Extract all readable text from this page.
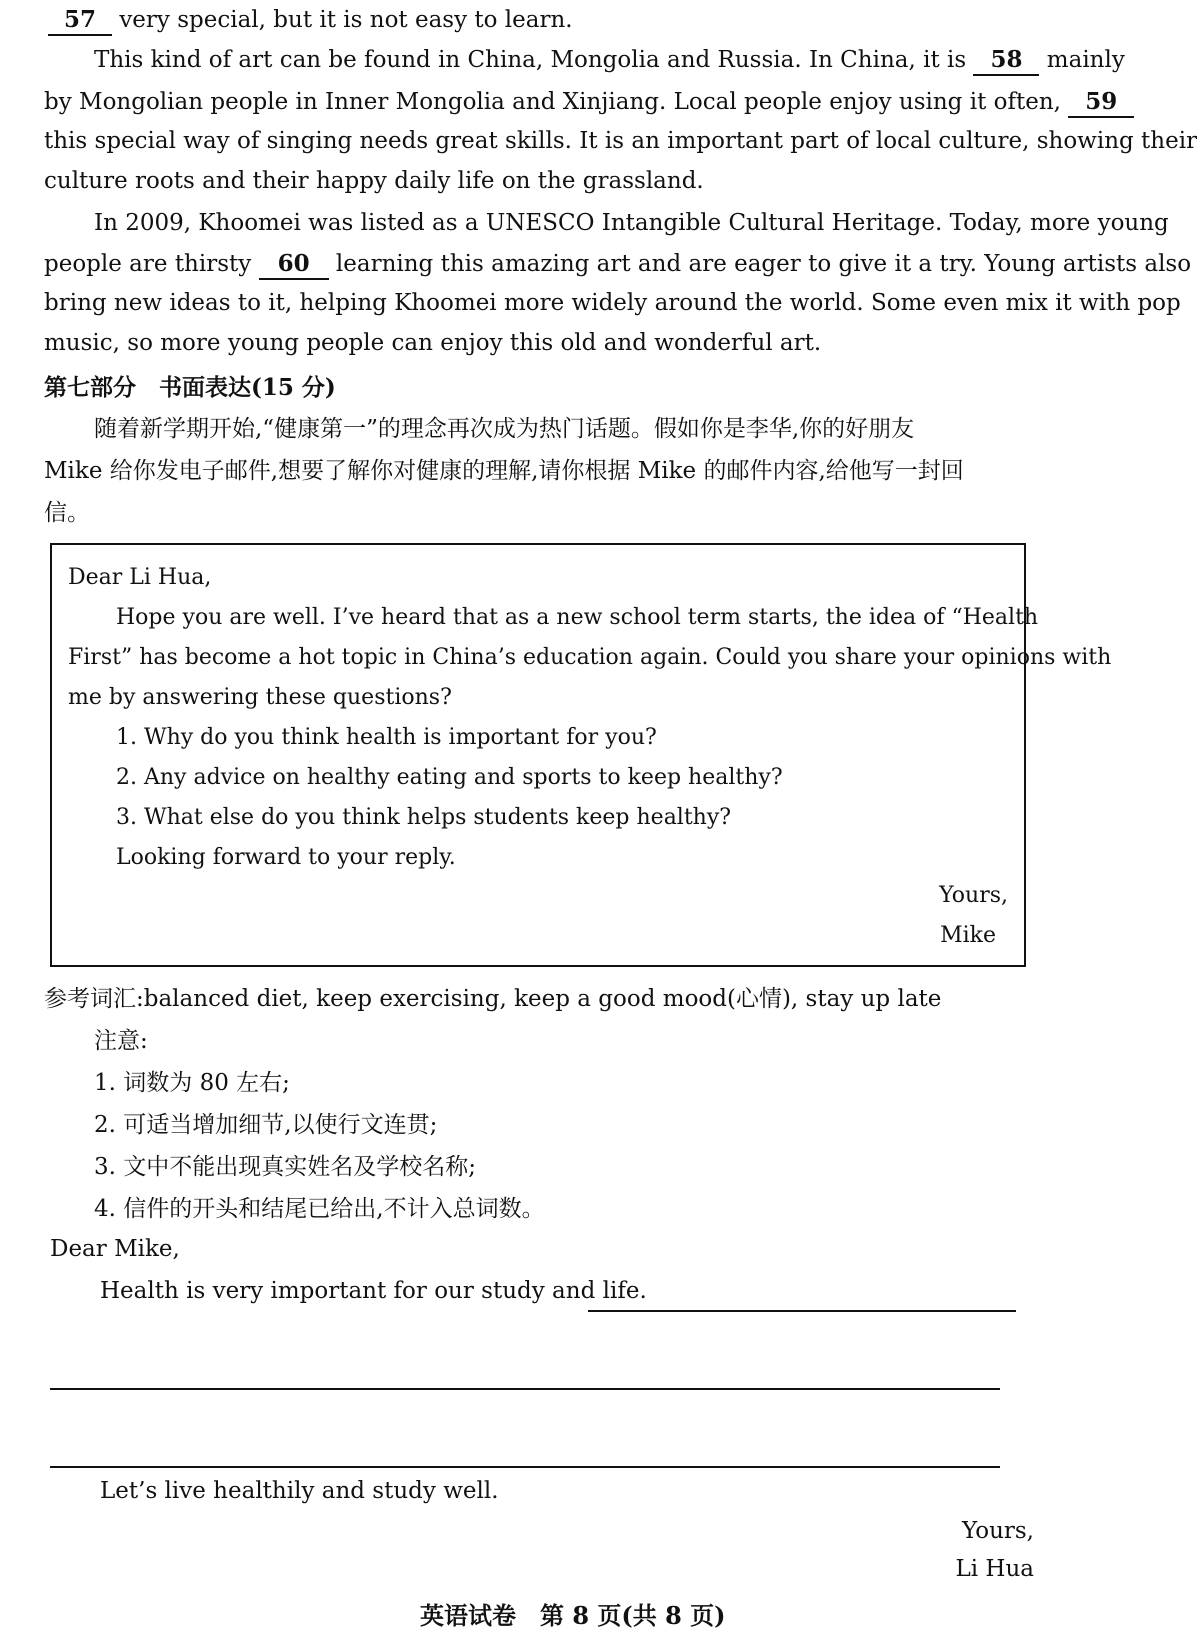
57 very special, but it is not easy to learn.
This kind of art can be found in China, Mongolia and Russia. In China, it is 58 mainly
by Mongolian people in Inner Mongolia and Xinjiang. Local people enjoy using it often, 59
this special way of singing needs great skills. It is an important part of local culture, showing their
culture roots and their happy daily life on the grassland.
In 2009, Khoomei was listed as a UNESCO Intangible Cultural Heritage. Today, more young
people are thirsty 60 learning this amazing art and are eager to give it a try. Young artists also
bring new ideas to it, helping Khoomei more widely around the world. Some even mix it with pop
music, so more young people can enjoy this old and wonderful art.
第七部分　书面表达(15 分)
随着新学期开始,“健康第一”的理念再次成为热门话题。假如你是李华,你的好朋友
Mike 给你发电子邮件,想要了解你对健康的理解,请你根据 Mike 的邮件内容,给他写一封回
信。
Dear Li Hua,
Hope you are well. I’ve heard that as a new school term starts, the idea of “Health
First” has become a hot topic in China’s education again. Could you share your opinions with
me by answering these questions?
1. Why do you think health is important for you?
2. Any advice on healthy eating and sports to keep healthy?
3. What else do you think helps students keep healthy?
Looking forward to your reply.
Yours,
Mike
参考词汇:balanced diet, keep exercising, keep a good mood(心情), stay up late
注意:
1. 词数为 80 左右;
2. 可适当增加细节,以使行文连贯;
3. 文中不能出现真实姓名及学校名称;
4. 信件的开头和结尾已给出,不计入总词数。
Dear Mike,
Health is very important for our study and life.
Let’s live healthily and study well.
Yours,
Li Hua
英语试卷　第 8 页(共 8 页)
